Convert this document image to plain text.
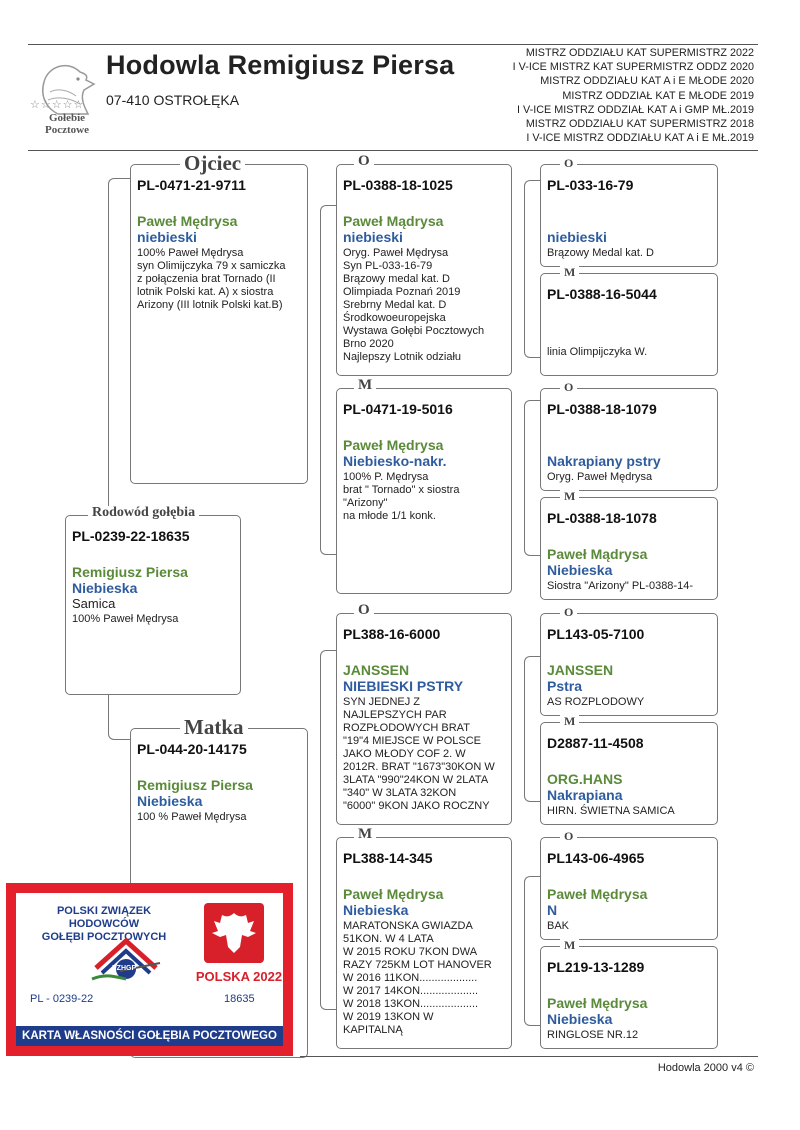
☆☆☆☆☆
Gołebie
Pocztowe
Hodowla Remigiusz Piersa
07-410 OSTROŁĘKA
MISTRZ ODDZIAŁU KAT SUPERMISTRZ 2022
I V-ICE MISTRZ KAT SUPERMISTRZ ODDZ 2020
MISTRZ ODDZIAŁU KAT A i E MŁODE 2020
MISTRZ ODDZIAŁ KAT E MŁODE 2019
I V-ICE MISTRZ ODDZIAŁ KAT A i GMP MŁ.2019
MISTRZ ODDZIAŁU KAT SUPERMISTRZ 2018
I V-ICE MISTRZ ODDZIAŁU KAT A i E MŁ.2019
PL-0239-22-18635
Remigiusz Piersa
Niebieska
Samica
100% Paweł Mędrysa
Rodowód gołębia
PL-0471-21-9711
Paweł Mędrysa
niebieski
100% Paweł Mędrysa
syn Olimijczyka 79 x samiczka
z połączenia brat Tornado (II
lotnik Polski kat. A) x siostra
Arizony (III lotnik Polski kat.B)
Ojciec
PL-044-20-14175
Remigiusz Piersa
Niebieska
100 % Paweł Mędrysa
Matka
PL-0388-18-1025
Paweł Mądrysa
niebieski
Oryg. Paweł Mędrysa
Syn PL-033-16-79
Brązowy medal kat. D
Olimpiada Poznań 2019
Srebrny Medal kat. D
Środkowoeuropejska
Wystawa Gołębi Pocztowych
Brno 2020
Najlepszy Lotnik odziału
O
PL-0471-19-5016
Paweł Mędrysa
Niebiesko-nakr.
100% P. Mędrysa
brat " Tornado" x siostra
"Arizony"
na młode 1/1 konk.
M
PL388-16-6000
JANSSEN
NIEBIESKI PSTRY
SYN JEDNEJ Z
NAJLEPSZYCH PAR
ROZPŁODOWYCH BRAT
"19"4 MIEJSCE W POLSCE
JAKO MŁODY COF 2. W
2012R. BRAT "1673"30KON W
3LATA "990"24KON W 2LATA
"340" W 3LATA 32KON
"6000" 9KON JAKO ROCZNY
O
PL388-14-345
Paweł Mędrysa
Niebieska
MARATONSKA GWIAZDA
51KON. W 4 LATA
W 2015 ROKU 7KON DWA
RAZY 725KM LOT HANOVER
W 2016 11KON...................
W 2017 14KON...................
W 2018 13KON...................
W 2019 13KON W
KAPITALNĄ
M
PL-033-16-79
niebieski
Brązowy Medal kat. D
O
PL-0388-16-5044
linia Olimpijczyka W.
M
PL-0388-18-1079
Nakrapiany pstry
Oryg. Paweł Mędrysa
O
PL-0388-18-1078
Paweł Mądrysa
Niebieska
Siostra "Arizony" PL-0388-14-
M
PL143-05-7100
JANSSEN
Pstra
AS ROZPLODOWY
O
D2887-11-4508
ORG.HANS
Nakrapiana
HIRN. ŚWIETNA SAMICA
M
PL143-06-4965
Paweł Mędrysa
N
BAK
O
PL219-13-1289
Paweł Mędrysa
Niebieska
RINGLOSE NR.12
M
POLSKI ZWIĄZEK HODOWCÓW
GOŁĘBI POCZTOWYCH
PZHGP
POLSKA 2022
PL - 0239-22	18635
KARTA WŁASNOŚCI GOŁĘBIA POCZTOWEGO
Hodowla 2000 v4 ©
